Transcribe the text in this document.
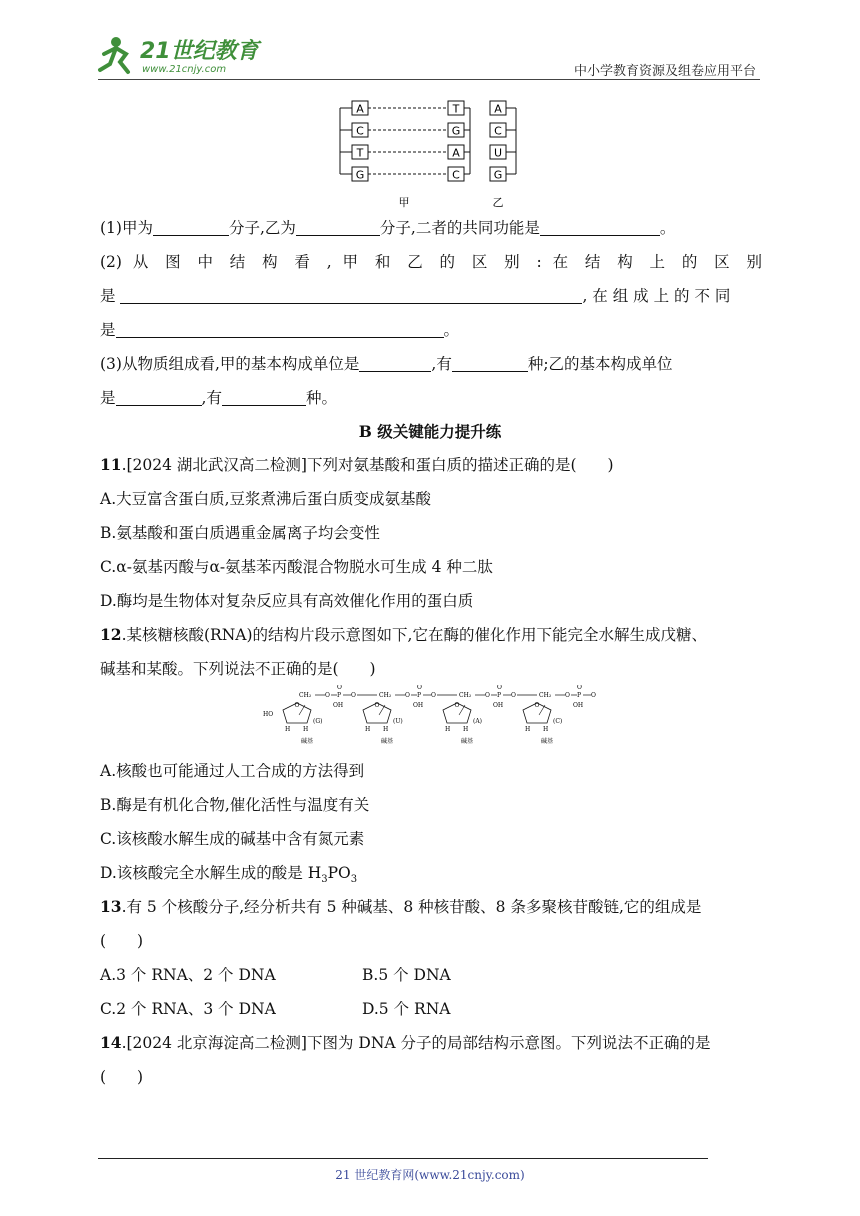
21世纪教育
www.21cnjy.com	中小学教育资源及组卷应用平台
A	T
C	G
T	A
G	C
A
C
U
G
甲	乙
(1)甲为	分子,乙为	分子,二者的共同功能是	。
(2) 从 图 中 结 构 看 , 甲 和 乙 的 区 别 : 在 结 构 上 的 区 别
是	, 在 组 成 上 的 不 同
是	。
(3)从物质组成看,甲的基本构成单位是	,有	种;乙的基本构成单位
是	,有	种。
B 级关键能力提升练
11.[2024 湖北武汉高二检测]下列对氨基酸和蛋白质的描述正确的是(　　)
A.大豆富含蛋白质,豆浆煮沸后蛋白质变成氨基酸
B.氨基酸和蛋白质遇重金属离子均会变性
C.α-氨基丙酸与α-氨基苯丙酸混合物脱水可生成 4 种二肽
D.酶均是生物体对复杂反应具有高效催化作用的蛋白质
12.某核糖核酸(RNA)的结构片段示意图如下,它在酶的催化作用下能完全水解生成戊糖、
碱基和某酸。下列说法不正确的是(　　)
HO
O
H H
(G)
碱基
CH₂ O P
O
OH
O
O
H H
(U)
碱基
CH₂ O P
O
OH
O
O
H H
(A)
碱基
CH₂ O P
O
OH
O
O
H H
(C)
碱基
CH₂ O P
O
OH
O
A.核酸也可能通过人工合成的方法得到
B.酶是有机化合物,催化活性与温度有关
C.该核酸水解生成的碱基中含有氮元素
D.该核酸完全水解生成的酸是 $H_3PO_3$
13.有 5 个核酸分子,经分析共有 5 种碱基、8 种核苷酸、8 条多聚核苷酸链,它的组成是
(　　)
A.3 个 RNA、2 个 DNA	B.5 个 DNA
C.2 个 RNA、3 个 DNA	D.5 个 RNA
14.[2024 北京海淀高二检测]下图为 DNA 分子的局部结构示意图。下列说法不正确的是
(　　)
21 世纪教育网(www.21cnjy.com)
